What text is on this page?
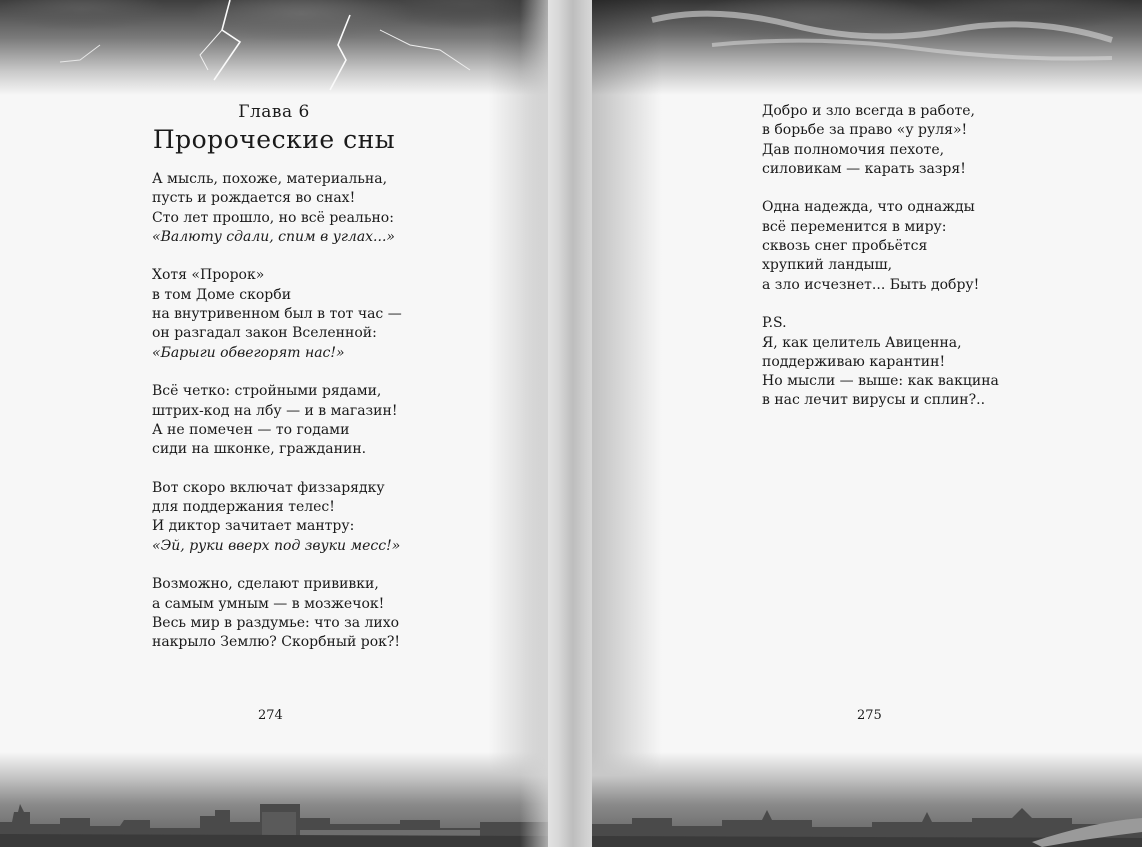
Глава 6
Пророческие сны
А мысль, похоже, материальна,
пусть и рождается во снах!
Сто лет прошло, но всё реально:
«Валюту сдали, спим в углах...»
Хотя «Пророк»
в том Доме скорби
на внутривенном был в тот час —
он разгадал закон Вселенной:
«Барыги обвегорят нас!»
Всё четко: стройными рядами,
штрих-код на лбу — и в магазин!
А не помечен — то годами
сиди на шконке, гражданин.
Вот скоро включат физзарядку
для поддержания телес!
И диктор зачитает мантру:
«Эй, руки вверх под звуки месс!»
Возможно, сделают прививки,
а самым умным — в мозжечок!
Весь мир в раздумье: что за лихо
накрыло Землю? Скорбный рок?!
274
Добро и зло всегда в работе,
в борьбе за право «у руля»!
Дав полномочия пехоте,
силовикам — карать зазря!
Одна надежда, что однажды
всё переменится в миру:
сквозь снег пробьётся
хрупкий ландыш,
а зло исчезнет... Быть добру!
P.S.
Я, как целитель Авиценна,
поддерживаю карантин!
Но мысли — выше: как вакцина
в нас лечит вирусы и сплин?..
275
